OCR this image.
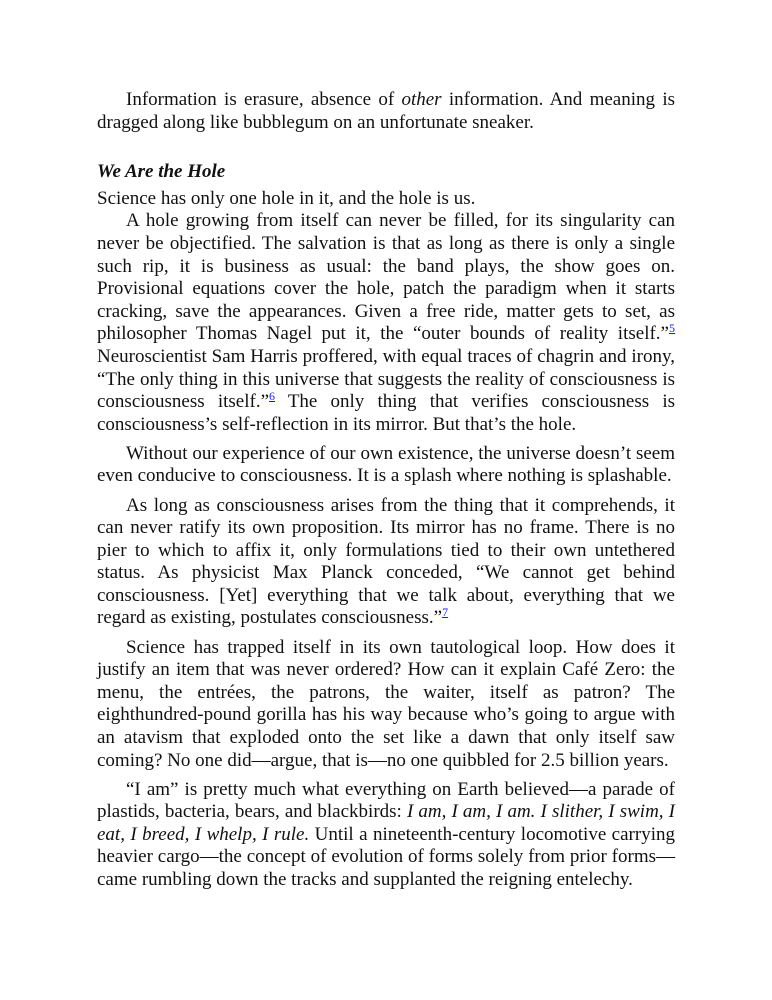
Information is erasure, absence of other information. And meaning is dragged along like bubblegum on an unfortunate sneaker.

We Are the Hole

Science has only one hole in it, and the hole is us.

A hole growing from itself can never be filled, for its singularity can never be objectified. The salvation is that as long as there is only a single such rip, it is business as usual: the band plays, the show goes on. Provisional equations cover the hole, patch the paradigm when it starts cracking, save the appearances. Given a free ride, matter gets to set, as philosopher Thomas Nagel put it, the “outer bounds of reality itself.”$^5$ Neuroscientist Sam Harris proffered, with equal traces of chagrin and irony, “The only thing in this universe that suggests the reality of consciousness is consciousness itself.”$^6$ The only thing that verifies consciousness is consciousness’s self-reflection in its mirror. But that’s the hole.

Without our experience of our own existence, the universe doesn’t seem even conducive to consciousness. It is a splash where nothing is splashable.

As long as consciousness arises from the thing that it comprehends, it can never ratify its own proposition. Its mirror has no frame. There is no pier to which to affix it, only formulations tied to their own untethered status. As physicist Max Planck conceded, “We cannot get behind consciousness. [Yet] everything that we talk about, everything that we regard as existing, postulates consciousness.”$^7$

Science has trapped itself in its own tautological loop. How does it justify an item that was never ordered? How can it explain Café Zero: the menu, the entrées, the patrons, the waiter, itself as patron? The eighthundred-pound gorilla has his way because who’s going to argue with an atavism that exploded onto the set like a dawn that only itself saw coming? No one did—argue, that is—no one quibbled for 2.5 billion years.

“I am” is pretty much what everything on Earth believed—a parade of plastids, bacteria, bears, and blackbirds: I am, I am, I am. I slither, I swim, I eat, I breed, I whelp, I rule. Until a nineteenth-century locomotive carrying heavier cargo—the concept of evolution of forms solely from prior forms—came rumbling down the tracks and supplanted the reigning entelechy.
